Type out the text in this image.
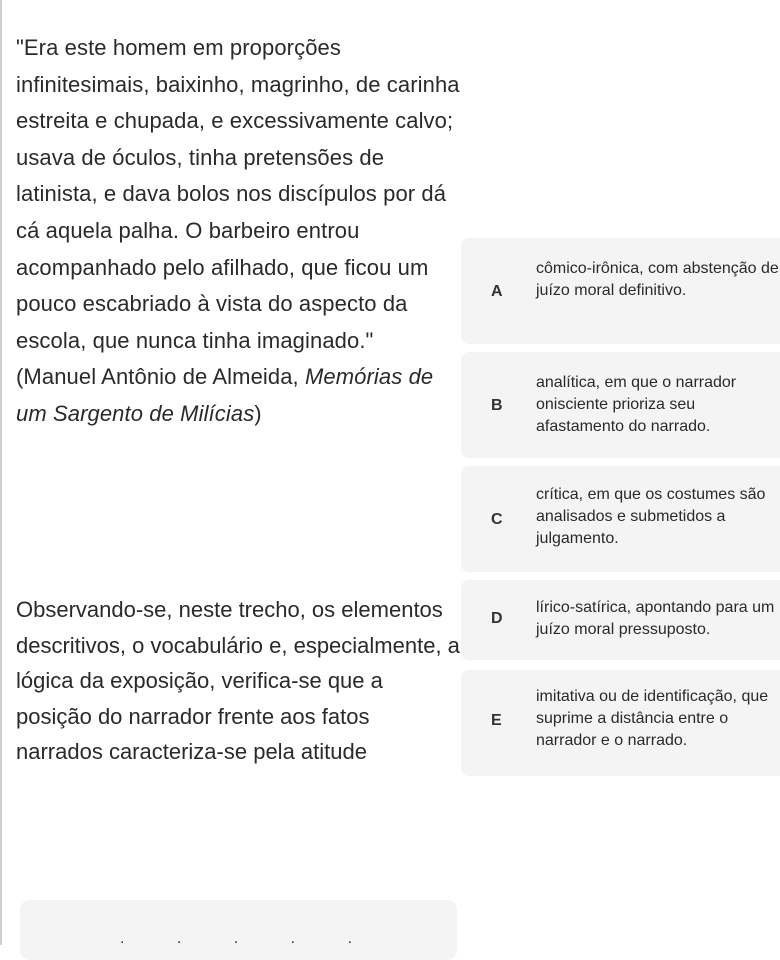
"Era este homem em proporções infinitesimais, baixinho, magrinho, de carinha estreita e chupada, e excessivamente calvo; usava de óculos, tinha pretensões de latinista, e dava bolos nos discípulos por dá cá aquela palha. O barbeiro entrou acompanhado pelo afilhado, que ficou um pouco escabriado à vista do aspecto da escola, que nunca tinha imaginado."
(Manuel Antônio de Almeida, Memórias de um Sargento de Milícias)

Observando-se, neste trecho, os elementos descritivos, o vocabulário e, especialmente, a lógica da exposição, verifica-se que a posição do narrador frente aos fatos narrados caracteriza-se pela atitude
A
cômico-irônica, com abstenção de juízo moral definitivo.
B
analítica, em que o narrador onisciente prioriza seu afastamento do narrado.
C
crítica, em que os costumes são analisados e submetidos a julgamento.
D
lírico-satírica, apontando para um juízo moral pressuposto.
E
imitativa ou de identificação, que suprime a distância entre o narrador e o narrado.
. . . . .
